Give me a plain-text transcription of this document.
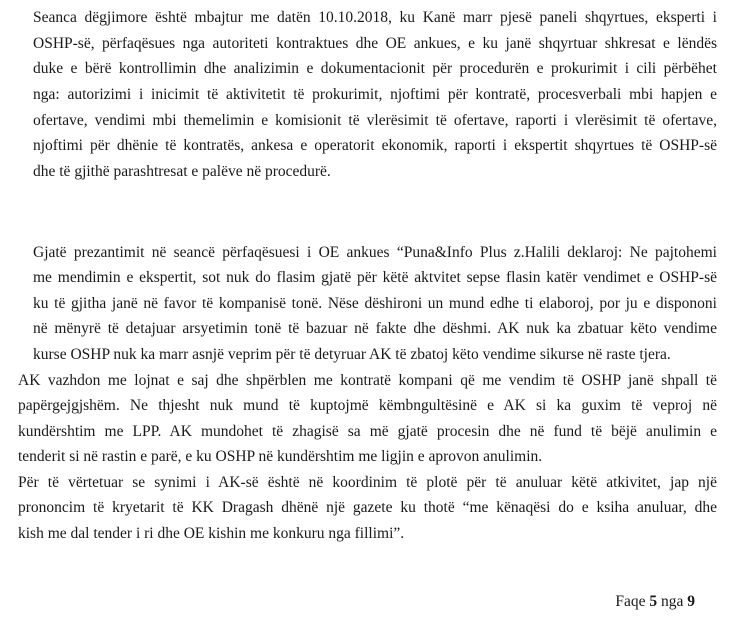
Seanca dëgjimore është mbajtur me datën 10.10.2018, ku Kanë marr pjesë paneli shqyrtues, eksperti i
OSHP-së, përfaqësues nga autoriteti kontraktues dhe OE ankues, e ku janë shqyrtuar shkresat e lëndës
duke e bërë kontrollimin dhe analizimin e dokumentacionit për procedurën e prokurimit i cili përbëhet
nga: autorizimi i inicimit të aktivitetit të prokurimit, njoftimi për kontratë, procesverbali mbi hapjen e
ofertave, vendimi mbi themelimin e komisionit të vlerësimit të ofertave, raporti i vlerësimit të ofertave,
njoftimi për dhënie të kontratës, ankesa e operatorit ekonomik, raporti i ekspertit shqyrtues të OSHP-së
dhe të gjithë parashtresat e palëve në procedurë.
Gjatë prezantimit në seancë përfaqësuesi i OE ankues “Puna&Info Plus z.Halili deklaroj: Ne pajtohemi
me mendimin e ekspertit, sot nuk do flasim gjatë për këtë aktvitet sepse flasin katër vendimet e OSHP-së
ku të gjitha janë në favor të kompanisë tonë. Nëse dëshironi un mund edhe ti elaboroj, por ju e dispononi
në mënyrë të detajuar arsyetimin tonë të bazuar në fakte dhe dëshmi. AK nuk ka zbatuar këto vendime
kurse OSHP nuk ka marr asnjë veprim për të detyruar AK të zbatoj këto vendime sikurse në raste tjera.
AK vazhdon me lojnat e saj dhe shpërblen me kontratë kompani që me vendim të OSHP janë shpall të
papërgejgjshëm. Ne thjesht nuk mund të kuptojmë këmbngultësinë e AK si ka guxim të veproj në
kundërshtim me LPP. AK mundohet të zhagisë sa më gjatë procesin dhe në fund të bëjë anulimin e
tenderit si në rastin e parë, e ku OSHP në kundërshtim me ligjin e aprovon anulimin.
Për të vërtetuar se synimi i AK-së është në koordinim të plotë për të anuluar këtë atkivitet, jap një
prononcim të kryetarit të KK Dragash dhënë një gazete ku thotë “me kënaqësi do e ksiha anuluar, dhe
kish me dal tender i ri dhe OE kishin me konkuru nga fillimi”.
Faqe 5 nga 9
